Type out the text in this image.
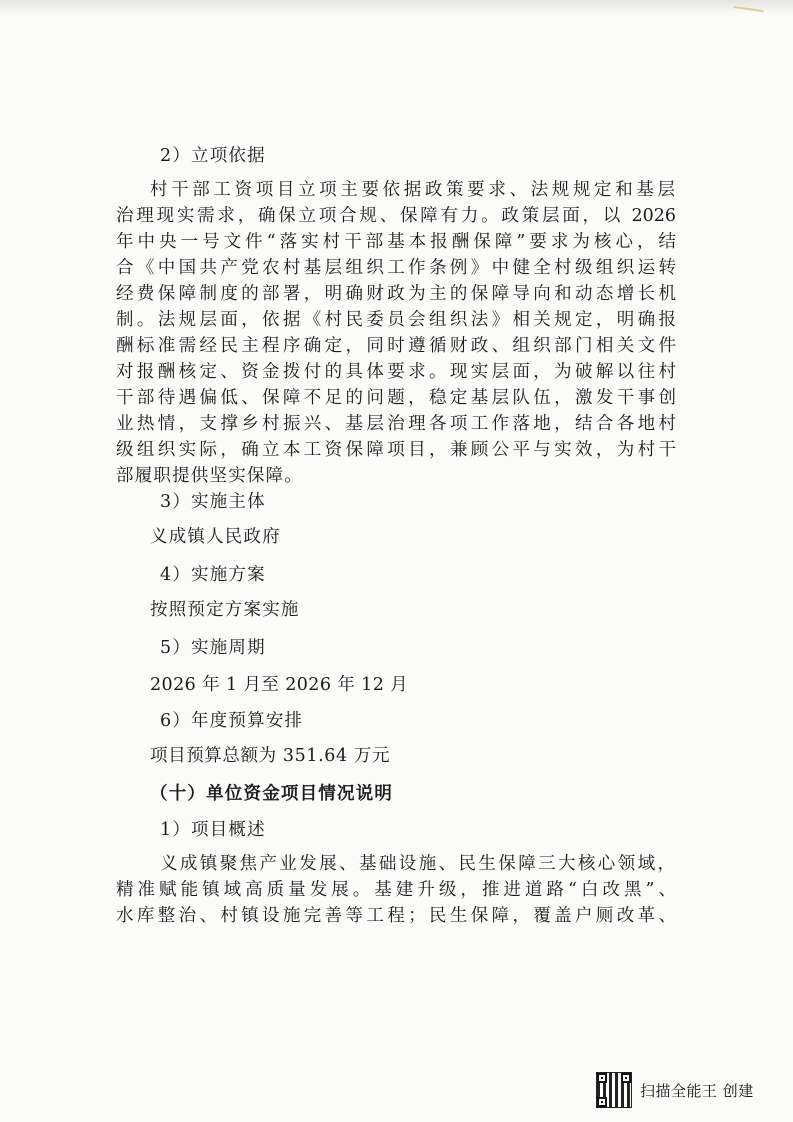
2）立项依据
村干部工资项目立项主要依据政策要求、法规规定和基层
治理现实需求，确保立项合规、保障有力。政策层面，以 2026
年中央一号文件“落实村干部基本报酬保障”要求为核心，结
合《中国共产党农村基层组织工作条例》中健全村级组织运转
经费保障制度的部署，明确财政为主的保障导向和动态增长机
制。法规层面，依据《村民委员会组织法》相关规定，明确报
酬标准需经民主程序确定，同时遵循财政、组织部门相关文件
对报酬核定、资金拨付的具体要求。现实层面，为破解以往村
干部待遇偏低、保障不足的问题，稳定基层队伍，激发干事创
业热情，支撑乡村振兴、基层治理各项工作落地，结合各地村
级组织实际，确立本工资保障项目，兼顾公平与实效，为村干
部履职提供坚实保障。
3）实施主体
义成镇人民政府
4）实施方案
按照预定方案实施
5）实施周期
2026 年 1 月至 2026 年 12 月
6）年度预算安排
项目预算总额为 351.64 万元
（十）单位资金项目情况说明
1）项目概述
义成镇聚焦产业发展、基础设施、民生保障三大核心领域，
精准赋能镇域高质量发展。基建升级，推进道路“白改黑”、
水库整治、村镇设施完善等工程；民生保障，覆盖户厕改革、
扫描全能王 创建
